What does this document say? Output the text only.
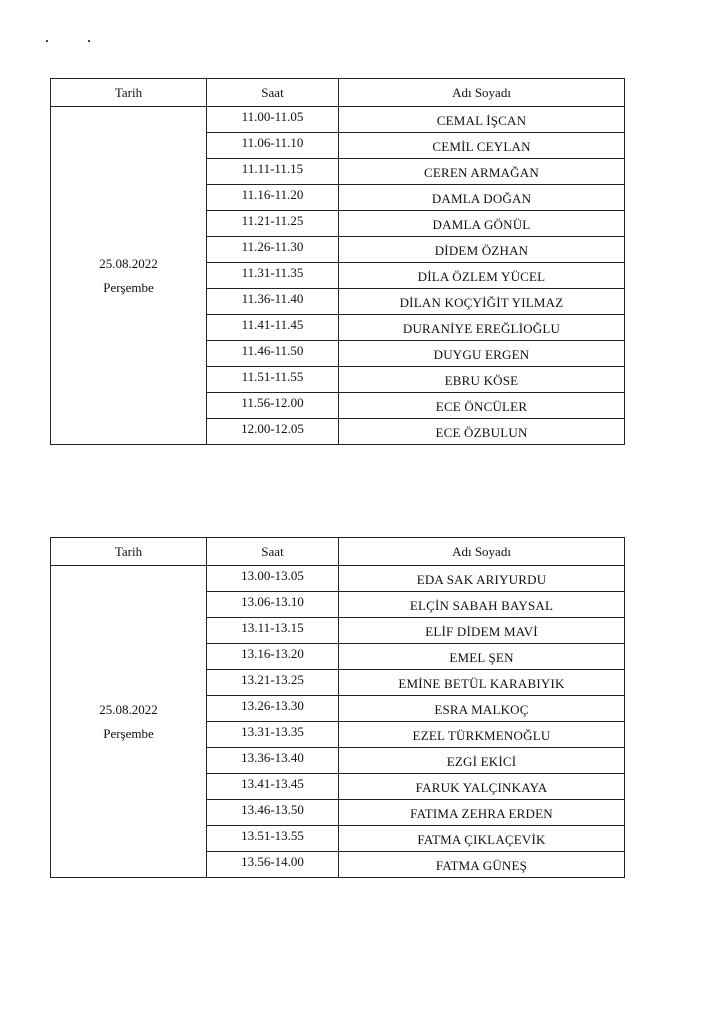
Tarih	Saat	Adı Soyadı

25.08.2022
Perşembe	11.00-11.05	CEMAL İŞCAN
	11.06-11.10	CEMİL CEYLAN
	11.11-11.15	CEREN ARMAĞAN
	11.16-11.20	DAMLA DOĞAN
	11.21-11.25	DAMLA GÖNÜL
	11.26-11.30	DİDEM ÖZHAN
	11.31-11.35	DİLA ÖZLEM YÜCEL
	11.36-11.40	DİLAN KOÇYİĞİT YILMAZ
	11.41-11.45	DURANİYE EREĞLİOĞLU
	11.46-11.50	DUYGU ERGEN
	11.51-11.55	EBRU KÖSE
	11.56-12.00	ECE ÖNCÜLER
	12.00-12.05	ECE ÖZBULUN
Tarih	Saat	Adı Soyadı

25.08.2022
Perşembe	13.00-13.05	EDA SAK ARIYURDU
	13.06-13.10	ELÇİN SABAH BAYSAL
	13.11-13.15	ELİF DİDEM MAVİ
	13.16-13.20	EMEL ŞEN
	13.21-13.25	EMİNE BETÜL KARABIYIK
	13.26-13.30	ESRA MALKOÇ
	13.31-13.35	EZEL TÜRKMENOĞLU
	13.36-13.40	EZGİ EKİCİ
	13.41-13.45	FARUK YALÇINKAYA
	13.46-13.50	FATIMA ZEHRA ERDEN
	13.51-13.55	FATMA ÇIKLAÇEVİK
	13.56-14.00	FATMA GÜNEŞ
